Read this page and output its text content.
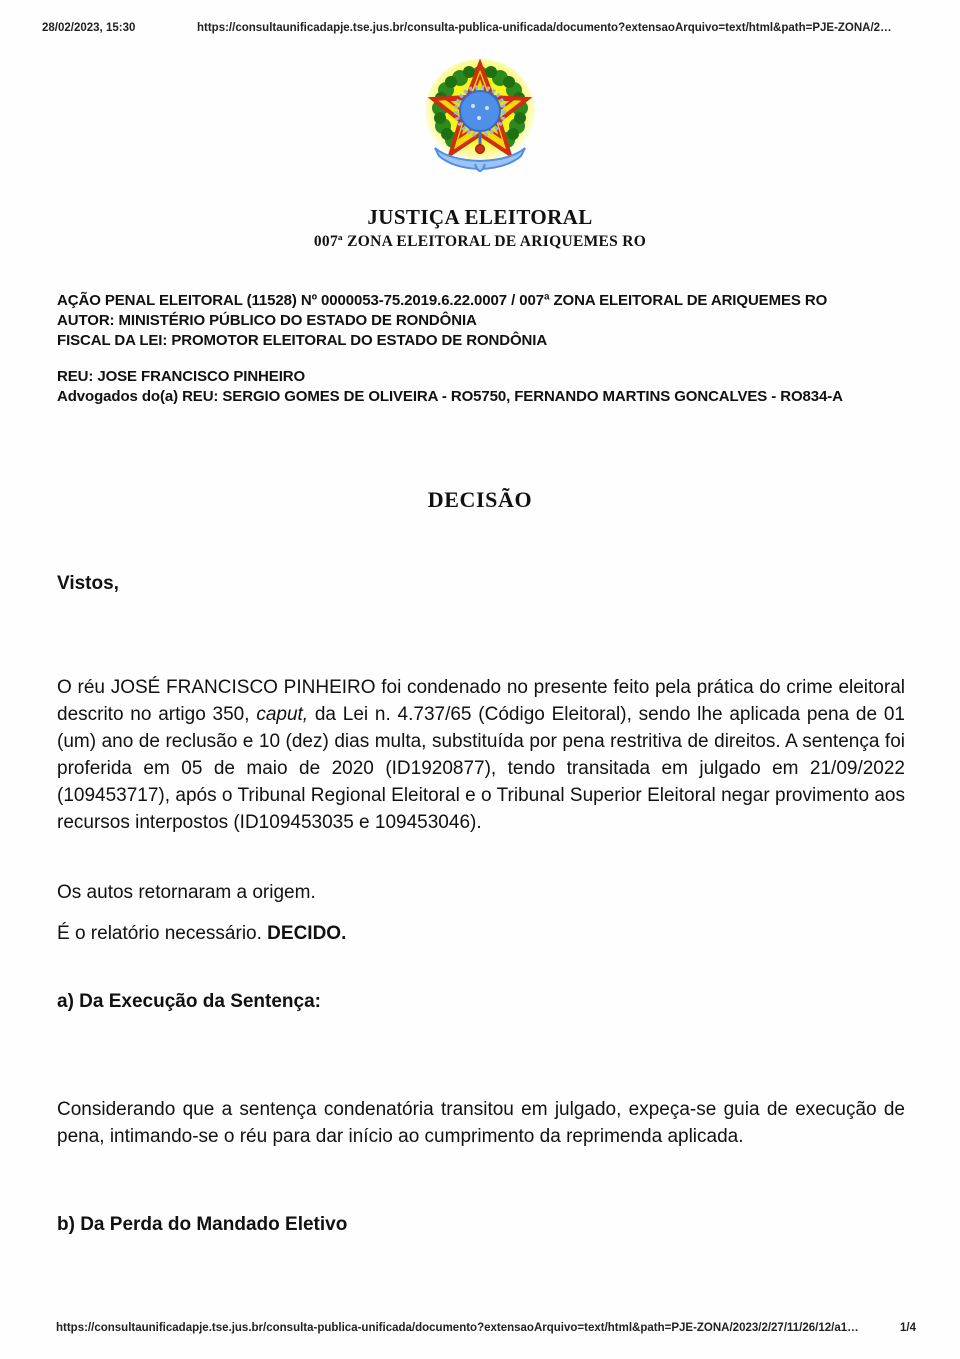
28/02/2023, 15:30	https://consultaunificadapje.tse.jus.br/consulta-publica-unificada/documento?extensaoArquivo=text/html&path=PJE-ZONA/2…
JUSTIÇA ELEITORAL
007ª ZONA ELEITORAL DE ARIQUEMES RO
AÇÃO PENAL ELEITORAL (11528) Nº 0000053-75.2019.6.22.0007 / 007ª ZONA ELEITORAL DE ARIQUEMES RO
AUTOR: MINISTÉRIO PÚBLICO DO ESTADO DE RONDÔNIA
FISCAL DA LEI: PROMOTOR ELEITORAL DO ESTADO DE RONDÔNIA
REU: JOSE FRANCISCO PINHEIRO
Advogados do(a) REU: SERGIO GOMES DE OLIVEIRA - RO5750, FERNANDO MARTINS GONCALVES - RO834-A
DECISÃO
Vistos,

O réu JOSÉ FRANCISCO PINHEIRO foi condenado no presente feito pela prática do crime eleitoral descrito no artigo 350, caput, da Lei n. 4.737/65 (Código Eleitoral), sendo lhe aplicada pena de 01 (um) ano de reclusão e 10 (dez) dias multa, substituída por pena restritiva de direitos. A sentença foi proferida em 05 de maio de 2020 (ID1920877), tendo transitada em julgado em 21/09/2022 (109453717), após o Tribunal Regional Eleitoral e o Tribunal Superior Eleitoral negar provimento aos recursos interpostos (ID109453035 e 109453046).

Os autos retornaram a origem.

É o relatório necessário. DECIDO.

a) Da Execução da Sentença:

Considerando que a sentença condenatória transitou em julgado, expeça-se guia de execução de pena, intimando-se o réu para dar início ao cumprimento da reprimenda aplicada.

b) Da Perda do Mandado Eletivo
https://consultaunificadapje.tse.jus.br/consulta-publica-unificada/documento?extensaoArquivo=text/html&path=PJE-ZONA/2023/2/27/11/26/12/a1…	1/4
